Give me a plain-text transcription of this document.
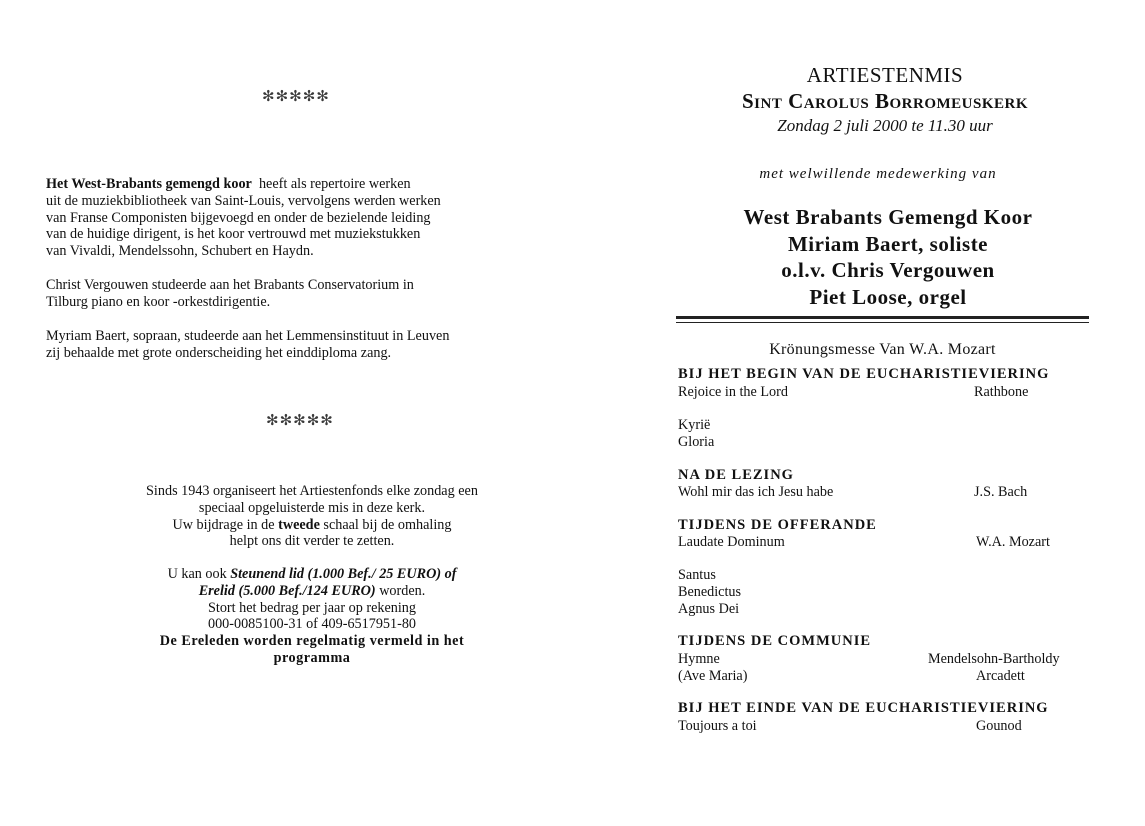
✻✻✻✻✻
Het West-Brabants gemengd koor heeft als repertoire werken
uit de muziekbibliotheek van Saint-Louis, vervolgens werden werken
van Franse Componisten bijgevoegd en onder de bezielende leiding
van de huidige dirigent, is het koor vertrouwd met muziekstukken
van Vivaldi, Mendelssohn, Schubert en Haydn.
Christ Vergouwen studeerde aan het Brabants Conservatorium in
Tilburg piano en koor -orkestdirigentie.
Myriam Baert, sopraan, studeerde aan het Lemmensinstituut in Leuven
zij behaalde met grote onderscheiding het einddiploma zang.
✻✻✻✻✻
Sinds 1943 organiseert het Artiestenfonds elke zondag een
speciaal opgeluisterde mis in deze kerk.
Uw bijdrage in de tweede schaal bij de omhaling
helpt ons dit verder te zetten.
U kan ook Steunend lid (1.000 Bef./ 25 EURO) of
Erelid (5.000 Bef./124 EURO) worden.
Stort het bedrag per jaar op rekening
000-0085100-31 of 409-6517951-80
De Ereleden worden regelmatig vermeld in het
programma
ARTIESTENMIS
Sint Carolus Borromeuskerk
Zondag 2 juli 2000 te 11.30 uur
met welwillende medewerking van
West Brabants Gemengd Koor
Miriam Baert, soliste
o.l.v. Chris Vergouwen
Piet Loose, orgel
Krönungsmesse Van W.A. Mozart
BIJ HET BEGIN VAN DE EUCHARISTIEVIERING
Rejoice in the Lord	Rathbone
Kyrië
Gloria
NA DE LEZING
Wohl mir das ich Jesu habe	J.S. Bach
TIJDENS DE OFFERANDE
Laudate Dominum	W.A. Mozart
Santus
Benedictus
Agnus Dei
TIJDENS DE COMMUNIE
Hymne	Mendelsohn-Bartholdy
(Ave Maria)	Arcadett
BIJ HET EINDE VAN DE EUCHARISTIEVIERING
Toujours a toi	Gounod
